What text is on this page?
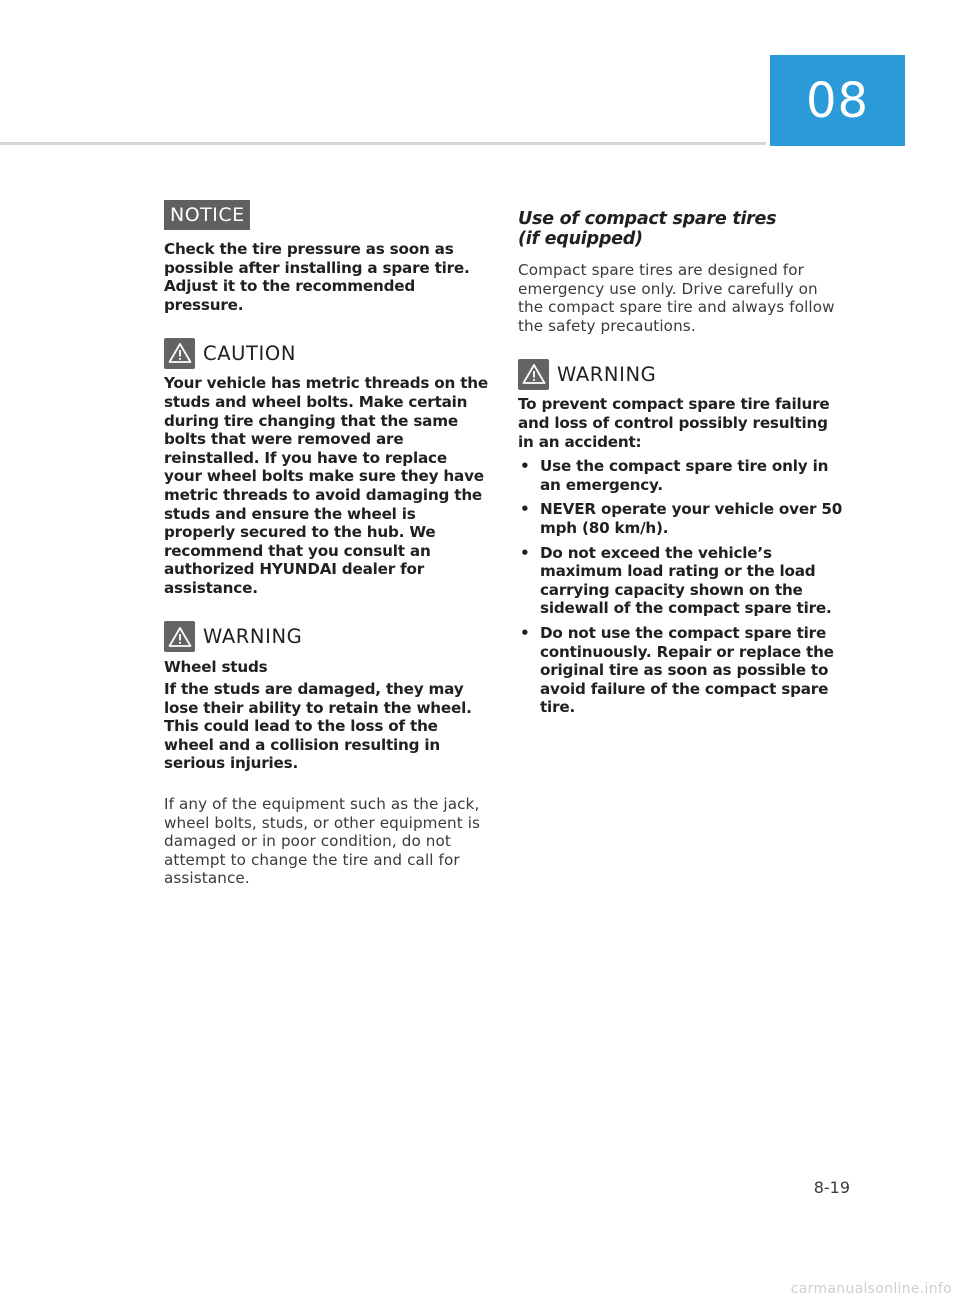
08
NOTICE

Check the tire pressure as soon as possible after installing a spare tire. Adjust it to the recommended pressure.

CAUTION

Your vehicle has metric threads on the studs and wheel bolts. Make certain during tire changing that the same bolts that were removed are reinstalled. If you have to replace your wheel bolts make sure they have metric threads to avoid damaging the studs and ensure the wheel is properly secured to the hub. We recommend that you consult an authorized HYUNDAI dealer for assistance.

WARNING

Wheel studs

If the studs are damaged, they may lose their ability to retain the wheel. This could lead to the loss of the wheel and a collision resulting in serious injuries.

If any of the equipment such as the jack, wheel bolts, studs, or other equipment is damaged or in poor condition, do not attempt to change the tire and call for assistance.

Use of compact spare tires
(if equipped)

Compact spare tires are designed for emergency use only. Drive carefully on the compact spare tire and always follow the safety precautions.

WARNING

To prevent compact spare tire failure and loss of control possibly resulting in an accident:

• Use the compact spare tire only in an emergency.
• NEVER operate your vehicle over 50 mph (80 km/h).
• Do not exceed the vehicle’s maximum load rating or the load carrying capacity shown on the sidewall of the compact spare tire.
• Do not use the compact spare tire continuously. Repair or replace the original tire as soon as possible to avoid failure of the compact spare tire.
8-19
carmanualsonline.info
